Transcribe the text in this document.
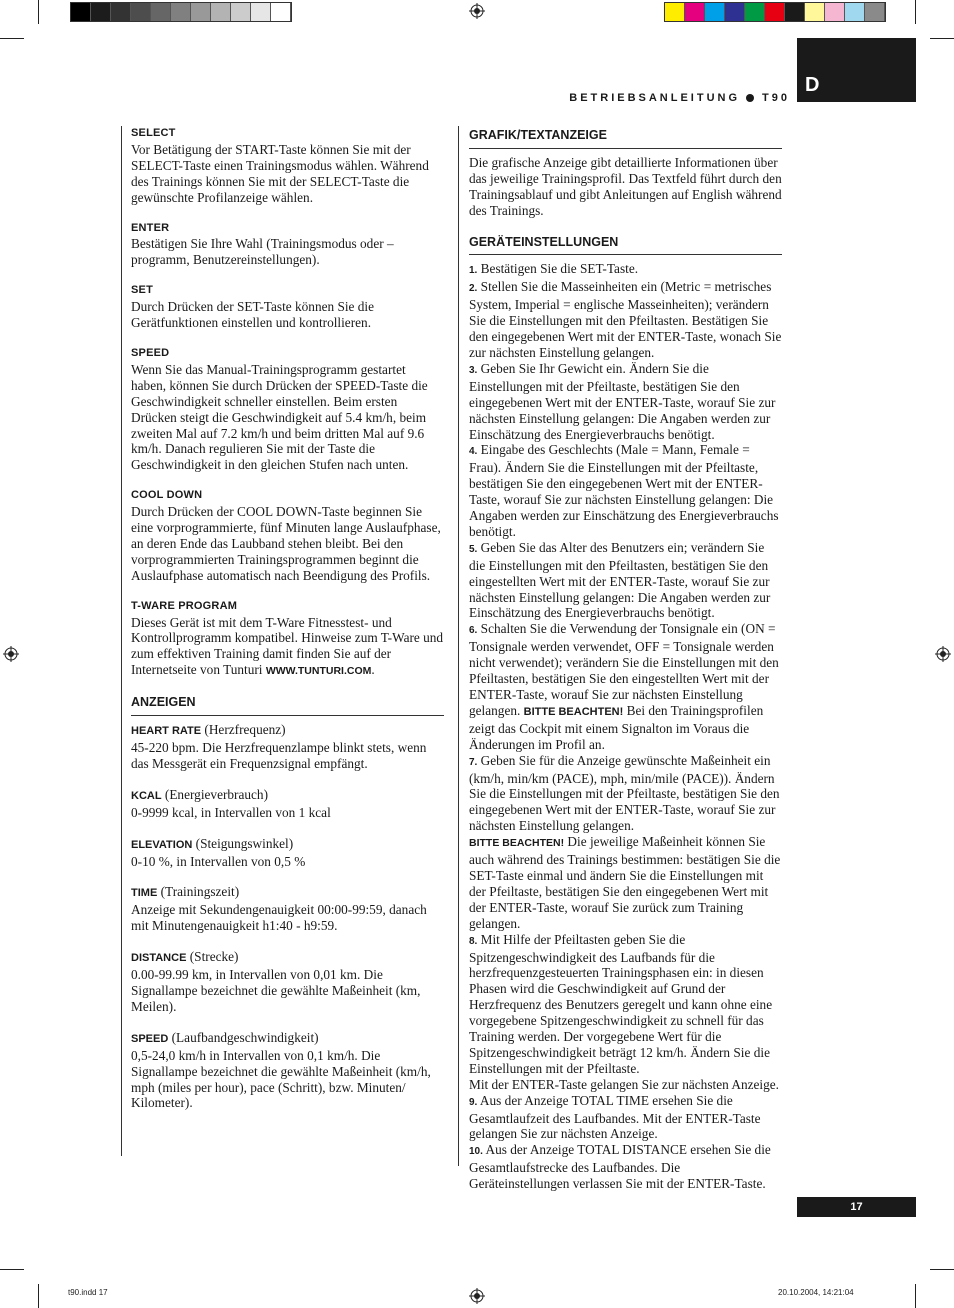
D
BETRIEBSANLEITUNG T90
SELECT

Vor Betätigung der START-Taste können Sie mit der SELECT-Taste einen Trainingsmodus wählen. Während des Trainings können Sie mit der SELECT-Taste die gewünschte Profilanzeige wählen.

ENTER

Bestätigen Sie Ihre Wahl (Trainingsmodus oder –programm, Benutzereinstellungen).

SET

Durch Drücken der SET-Taste können Sie die Gerätfunktionen einstellen und kontrollieren.

SPEED

Wenn Sie das Manual-Trainingsprogramm gestartet haben, können Sie durch Drücken der SPEED-Taste die Geschwindigkeit schneller einstellen. Beim ersten Drücken steigt die Geschwindigkeit auf 5.4 km/h, beim zweiten Mal auf 7.2 km/h und beim dritten Mal auf 9.6 km/h. Danach regulieren Sie mit der Taste die Geschwindigkeit in den gleichen Stufen nach unten.

COOL DOWN

Durch Drücken der COOL DOWN-Taste beginnen Sie eine vorprogrammierte, fünf Minuten lange Auslaufphase, an deren Ende das Laubband stehen bleibt. Bei den vorprogrammierten Trainingsprogrammen beginnt die Auslaufphase automatisch nach Beendigung des Profils.

T-WARE PROGRAM

Dieses Gerät ist mit dem T-Ware Fitnesstest- und Kontrollprogramm kompatibel. Hinweise zum T-Ware und zum effektiven Training damit finden Sie auf der Internetseite von Tunturi WWW.TUNTURI.COM.

ANZEIGEN

HEART RATE (Herzfrequenz)

45-220 bpm. Die Herzfrequenzlampe blinkt stets, wenn das Messgerät ein Frequenzsignal empfängt.

KCAL (Energieverbrauch)

0-9999 kcal, in Intervallen von 1 kcal

ELEVATION (Steigungswinkel)

0-10 %, in Intervallen von 0,5 %

TIME (Trainingszeit)

Anzeige mit Sekundengenauigkeit 00:00-99:59, danach mit Minutengenauigkeit h1:40 - h9:59.

DISTANCE (Strecke)

0.00-99.99 km, in Intervallen von 0,01 km. Die Signallampe bezeichnet die gewählte Maßeinheit (km, Meilen).

SPEED (Laufbandgeschwindigkeit)

0,5-24,0 km/h in Intervallen von 0,1 km/h. Die Signallampe bezeichnet die gewählte Maßeinheit (km/h, mph (miles per hour), pace (Schritt), bzw. Minuten/ Kilometer).

GRAFIK/TEXTANZEIGE

Die grafische Anzeige gibt detaillierte Informationen über das jeweilige Trainingsprofil. Das Textfeld führt durch den Trainingsablauf und gibt Anleitungen auf English während des Trainings.

GERÄTEINSTELLUNGEN

1. Bestätigen Sie die SET-Taste.

2. Stellen Sie die Masseinheiten ein (Metric = metrisches System, Imperial = englische Masseinheiten); verändern Sie die Einstellungen mit den Pfeiltasten. Bestätigen Sie den eingegebenen Wert mit der ENTER-Taste, wonach Sie zur nächsten Einstellung gelangen.

3. Geben Sie Ihr Gewicht ein. Ändern Sie die Einstellungen mit der Pfeiltaste, bestätigen Sie den eingegebenen Wert mit der ENTER-Taste, worauf Sie zur nächsten Einstellung gelangen: Die Angaben werden zur Einschätzung des Energieverbrauchs benötigt.

4. Eingabe des Geschlechts (Male = Mann, Female = Frau). Ändern Sie die Einstellungen mit der Pfeiltaste, bestätigen Sie den eingegebenen Wert mit der ENTER-Taste, worauf Sie zur nächsten Einstellung gelangen: Die Angaben werden zur Einschätzung des Energieverbrauchs benötigt.

5. Geben Sie das Alter des Benutzers ein; verändern Sie die Einstellungen mit den Pfeiltasten, bestätigen Sie den eingestellten Wert mit der ENTER-Taste, worauf Sie zur nächsten Einstellung gelangen: Die Angaben werden zur Einschätzung des Energieverbrauchs benötigt.

6. Schalten Sie die Verwendung der Tonsignale ein (ON = Tonsignale werden verwendet, OFF = Tonsignale werden nicht verwendet); verändern Sie die Einstellungen mit den Pfeiltasten, bestätigen Sie den eingestellten Wert mit der ENTER-Taste, worauf Sie zur nächsten Einstellung gelangen. BITTE BEACHTEN! Bei den Trainingsprofilen zeigt das Cockpit mit einem Signalton im Voraus die Änderungen im Profil an.

7. Geben Sie für die Anzeige gewünschte Maßeinheit ein (km/h, min/km (PACE), mph, min/mile (PACE)). Ändern Sie die Einstellungen mit der Pfeiltaste, bestätigen Sie den eingegebenen Wert mit der ENTER-Taste, worauf Sie zur nächsten Einstellung gelangen.

BITTE BEACHTEN! Die jeweilige Maßeinheit können Sie auch während des Trainings bestimmen: bestätigen Sie die SET-Taste einmal und ändern Sie die Einstellungen mit der Pfeiltaste, bestätigen Sie den eingegebenen Wert mit der ENTER-Taste, worauf Sie zurück zum Training gelangen.

8. Mit Hilfe der Pfeiltasten geben Sie die Spitzengeschwindigkeit des Laufbands für die herzfrequenzgesteuerten Trainingsphasen ein: in diesen Phasen wird die Geschwindigkeit auf Grund der Herzfrequenz des Benutzers geregelt und kann ohne eine vorgegebene Spitzengeschwindigkeit zu schnell für das Training werden. Der vorgegebene Wert für die Spitzengeschwindigkeit beträgt 12 km/h. Ändern Sie die Einstellungen mit der Pfeiltaste.

Mit der ENTER-Taste gelangen Sie zur nächsten Anzeige.

9. Aus der Anzeige TOTAL TIME ersehen Sie die Gesamtlaufzeit des Laufbandes. Mit der ENTER-Taste gelangen Sie zur nächsten Anzeige.

10. Aus der Anzeige TOTAL DISTANCE ersehen Sie die Gesamtlaufstrecke des Laufbandes. Die Geräteinstellungen verlassen Sie mit der ENTER-Taste.

17
t90.indd 17	20.10.2004, 14:21:04
